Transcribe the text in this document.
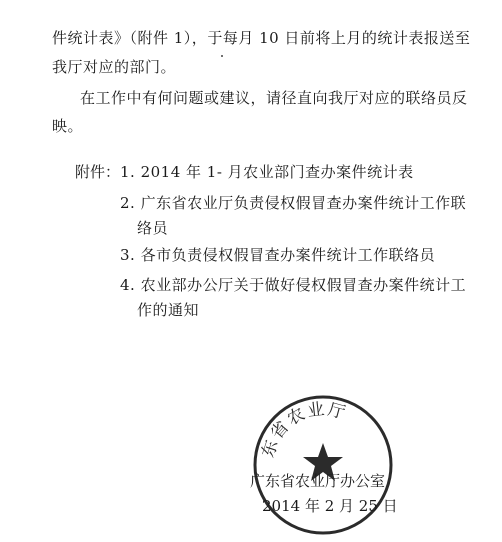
件统计表》（附件 1），于每月 10 日前将上月的统计表报送至
我厅对应的部门。
在工作中有何问题或建议，请径直向我厅对应的联络员反
映。
附件： 1. 2014 年 1- 月农业部门查办案件统计表
2. 广东省农业厅负责侵权假冒查办案件统计工作联
络员
3. 各市负责侵权假冒查办案件统计工作联络员
4. 农业部办公厅关于做好侵权假冒查办案件统计工
作的通知
东省农业厅
广东省农业厅办公室
2014 年 2 月 25 日
